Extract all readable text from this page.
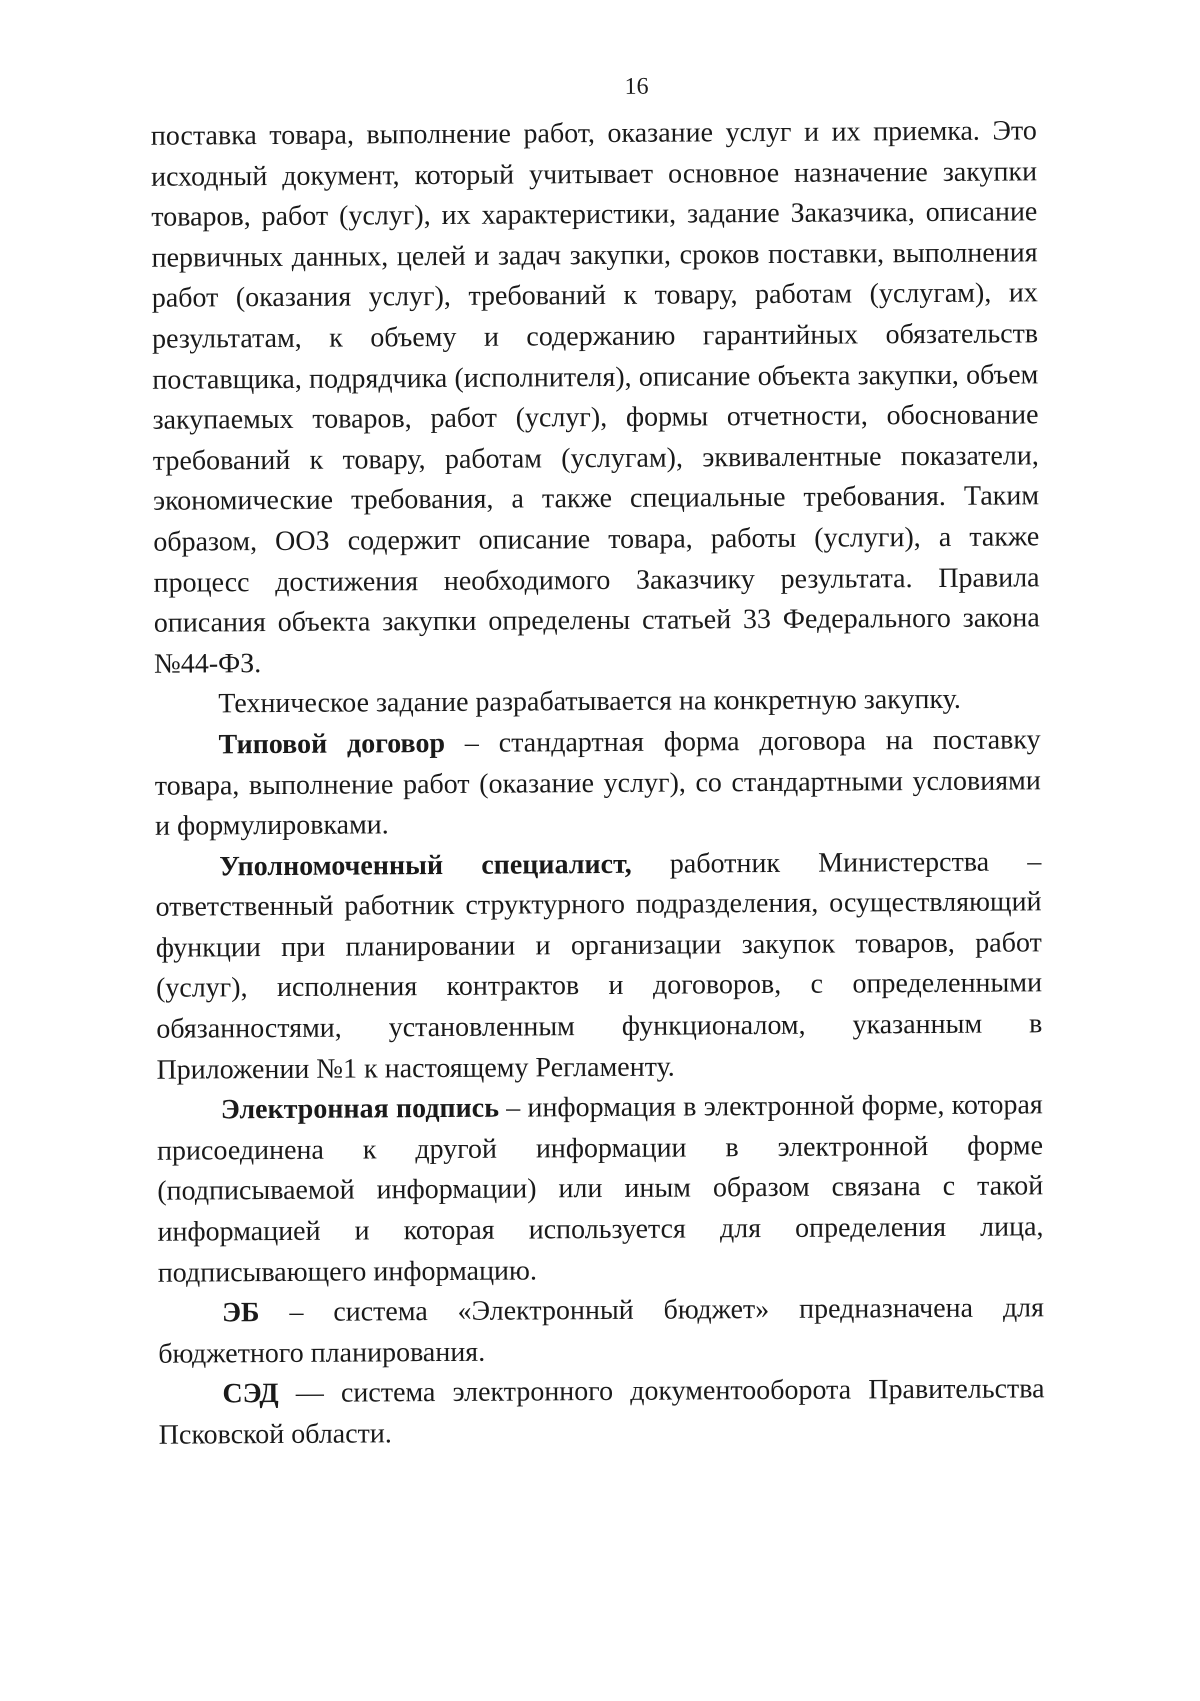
16

поставка товара, выполнение работ, оказание услуг и их приемка. Это исходный документ, который учитывает основное назначение закупки товаров, работ (услуг), их характеристики, задание Заказчика, описание первичных данных, целей и задач закупки, сроков поставки, выполнения работ (оказания услуг), требований к товару, работам (услугам), их результатам, к объему и содержанию гарантийных обязательств поставщика, подрядчика (исполнителя), описание объекта закупки, объем закупаемых товаров, работ (услуг), формы отчетности, обоснование требований к товару, работам (услугам), эквивалентные показатели, экономические требования, а также специальные требования. Таким образом, ООЗ содержит описание товара, работы (услуги), а также процесс достижения необходимого Заказчику результата. Правила описания объекта закупки определены статьей 33 Федерального закона №44-ФЗ.

Техническое задание разрабатывается на конкретную закупку.

Типовой договор – стандартная форма договора на поставку товара, выполнение работ (оказание услуг), со стандартными условиями и формулировками.

Уполномоченный специалист, работник Министерства – ответственный работник структурного подразделения, осуществляющий функции при планировании и организации закупок товаров, работ (услуг), исполнения контрактов и договоров, с определенными обязанностями, установленным функционалом, указанным в Приложении №1 к настоящему Регламенту.

Электронная подпись – информация в электронной форме, которая присоединена к другой информации в электронной форме (подписываемой информации) или иным образом связана с такой информацией и которая используется для определения лица, подписывающего информацию.

ЭБ – система «Электронный бюджет» предназначена для бюджетного планирования.

СЭД — система электронного документооборота Правительства Псковской области.
